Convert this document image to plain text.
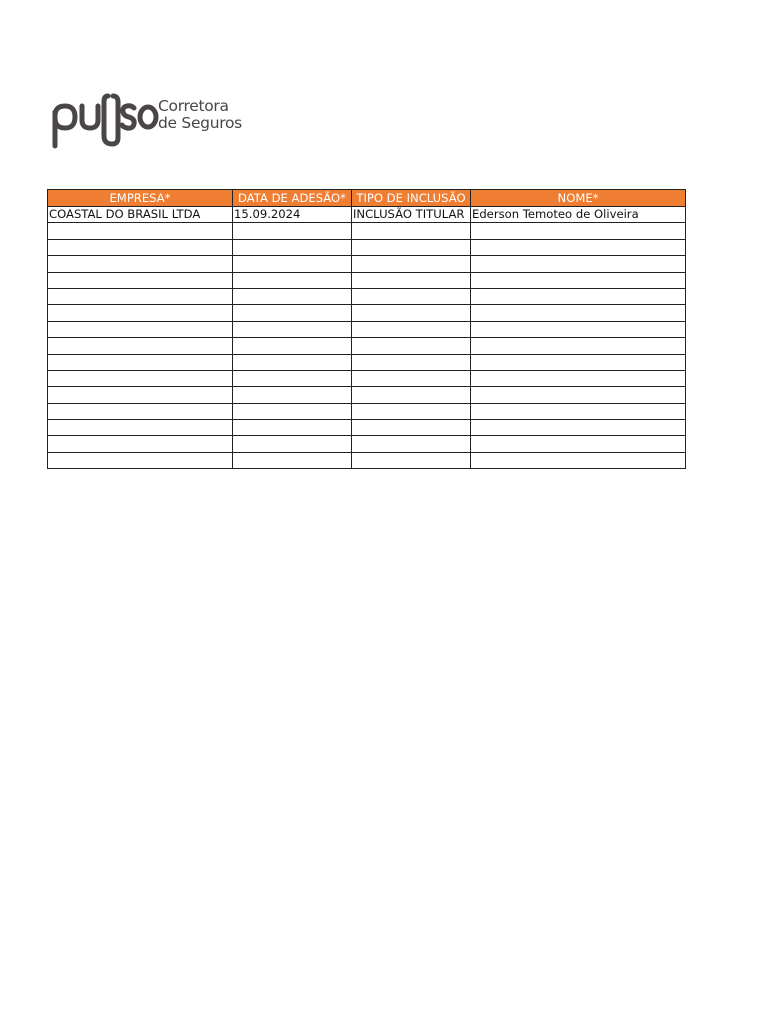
Corretora
de Seguros
EMPRESA*	DATA DE ADESÃO*	TIPO DE INCLUSÃO	NOME*
COASTAL DO BRASIL LTDA	15.09.2024	INCLUSÃO TITULAR	Ederson Temoteo de Oliveira
